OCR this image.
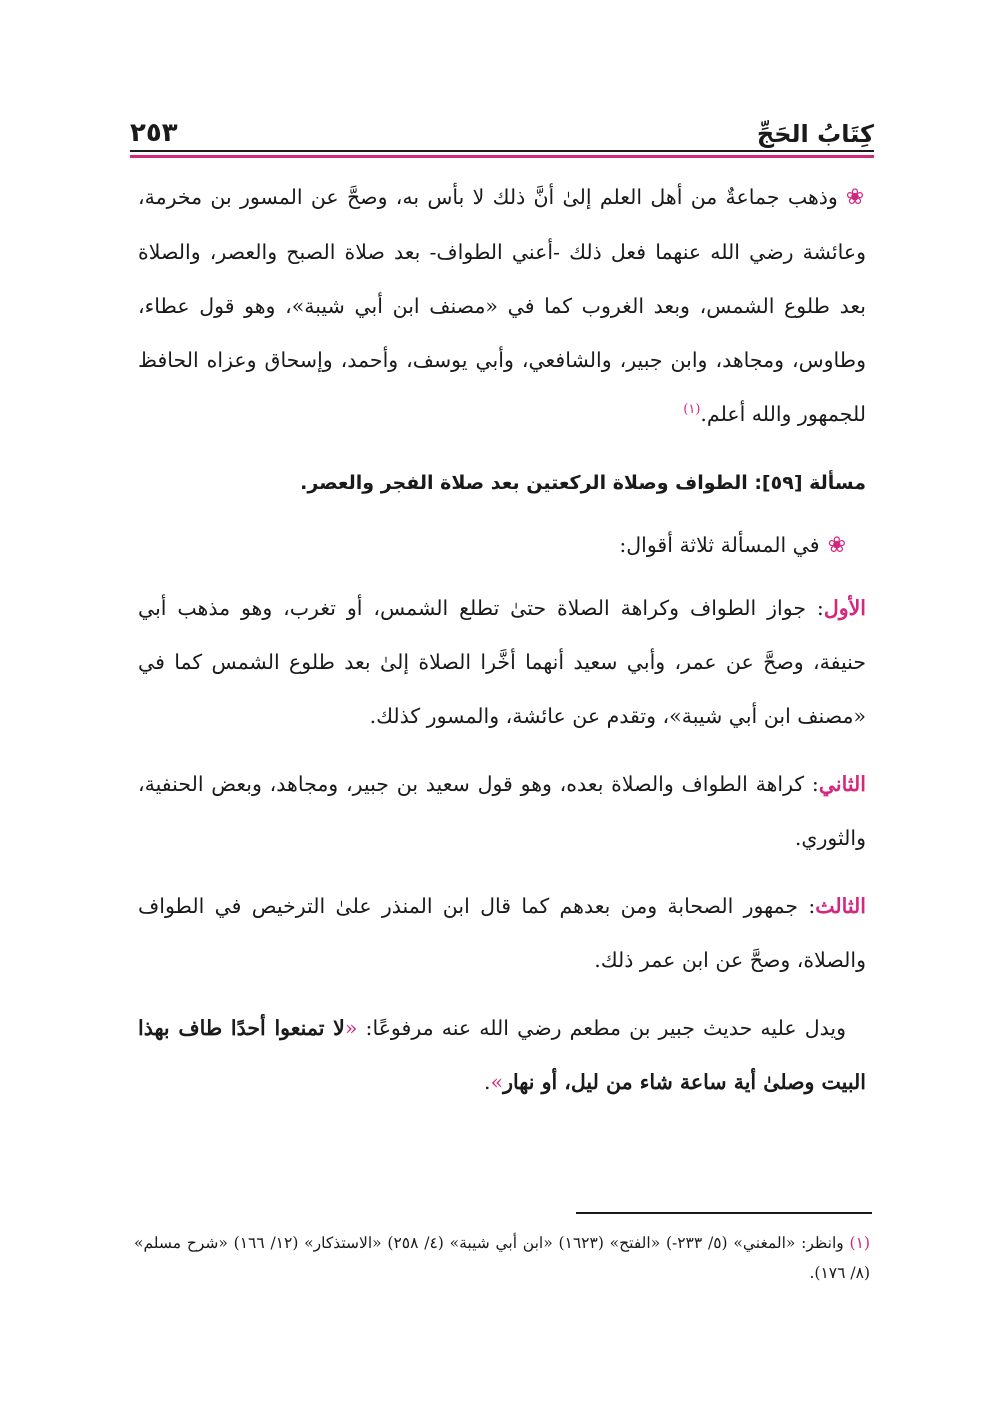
٢٥٣	كِتَابُ الحَجِّ

❀وذهب جماعةٌ من أهل العلم إلىٰ أنَّ ذلك لا بأس به، وصحَّ عن المسور بن مخرمة، وعائشة رضي الله عنهما فعل ذلك -أعني الطواف- بعد صلاة الصبح والعصر، والصلاة بعد طلوع الشمس، وبعد الغروب كما في «مصنف ابن أبي شيبة»، وهو قول عطاء، وطاوس، ومجاهد، وابن جبير، والشافعي، وأبي يوسف، وأحمد، وإسحاق وعزاه الحافظ للجمهور والله أعلم.$^{(١)}$

مسألة [٥٩]: الطواف وصلاة الركعتين بعد صلاة الفجر والعصر.

❀في المسألة ثلاثة أقوال:

الأول: جواز الطواف وكراهة الصلاة حتىٰ تطلع الشمس، أو تغرب، وهو مذهب أبي حنيفة، وصحَّ عن عمر، وأبي سعيد أنهما أخَّرا الصلاة إلىٰ بعد طلوع الشمس كما في «مصنف ابن أبي شيبة»، وتقدم عن عائشة، والمسور كذلك.

الثاني: كراهة الطواف والصلاة بعده، وهو قول سعيد بن جبير، ومجاهد، وبعض الحنفية، والثوري.

الثالث: جمهور الصحابة ومن بعدهم كما قال ابن المنذر علىٰ الترخيص في الطواف والصلاة، وصحَّ عن ابن عمر ذلك.

ويدل عليه حديث جبير بن مطعم رضي الله عنه مرفوعًا: «لا تمنعوا أحدًا طاف بهذا البيت وصلىٰ أية ساعة شاء من ليل، أو نهار».

(١) وانظر: «المغني» (٥/ ٢٣٣-) «الفتح» (١٦٢٣) «ابن أبي شيبة» (٤/ ٢٥٨) «الاستذكار» (١٢/ ١٦٦) «شرح مسلم» (٨/ ١٧٦).
